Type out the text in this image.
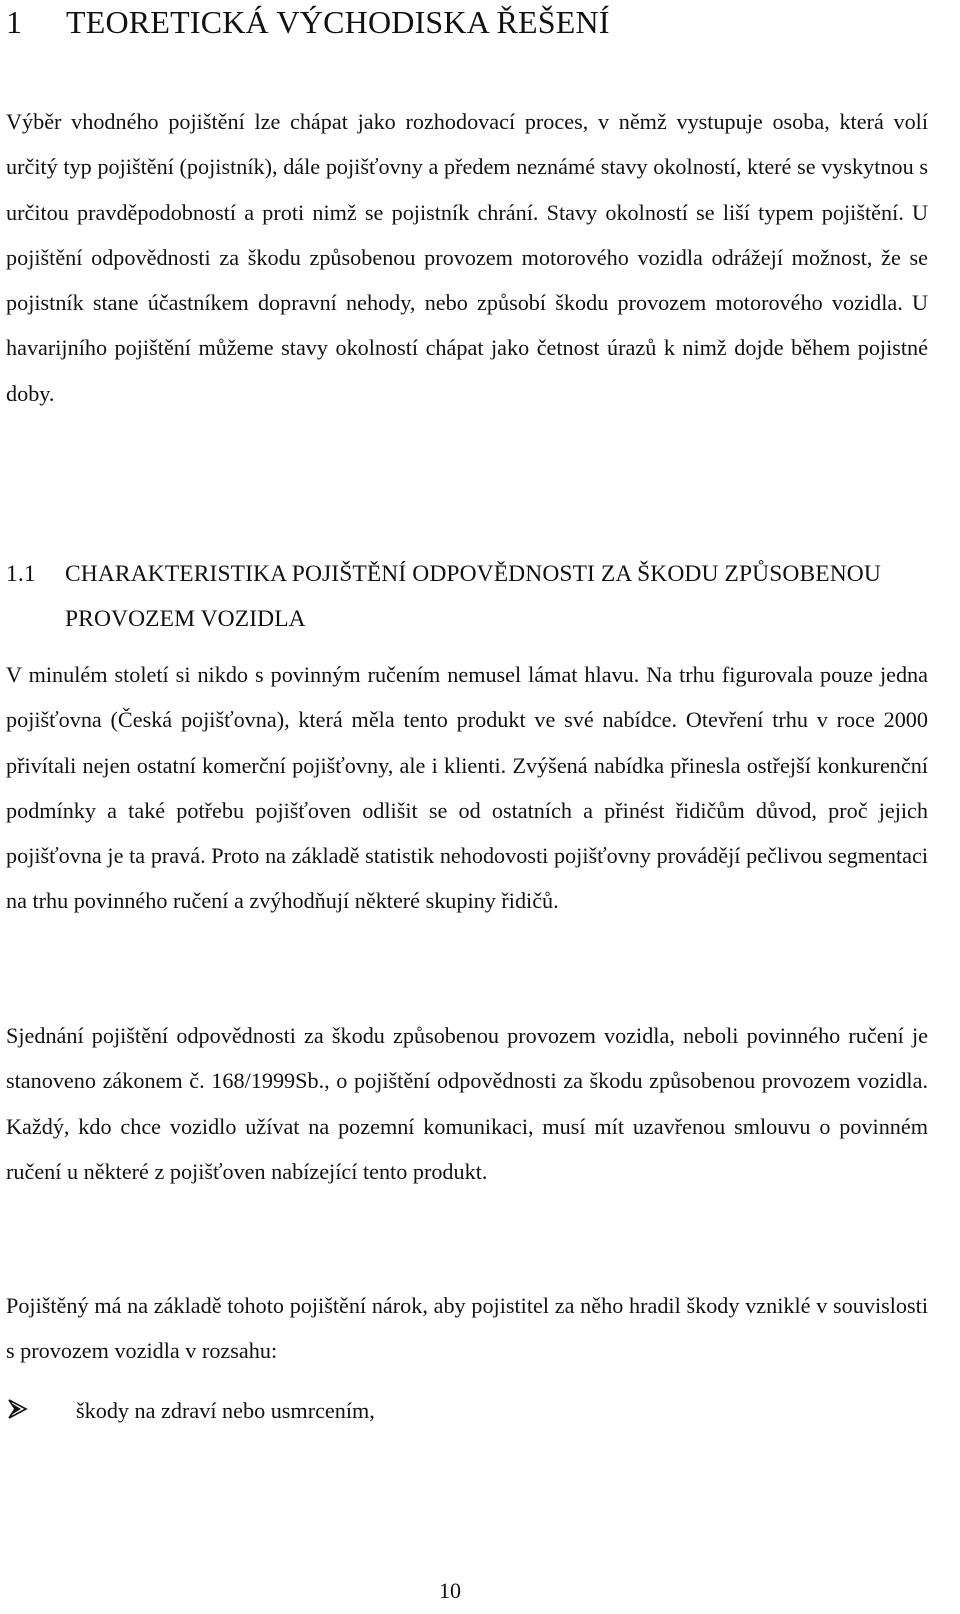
1 TEORETICKÁ VÝCHODISKA ŘEŠENÍ

Výběr vhodného pojištění lze chápat jako rozhodovací proces, v němž vystupuje osoba, která volí určitý typ pojištění (pojistník), dále pojišťovny a předem neznámé stavy okolností, které se vyskytnou s určitou pravděpodobností a proti nimž se pojistník chrání. Stavy okolností se liší typem pojištění. U pojištění odpovědnosti za škodu způsobenou provozem motorového vozidla odrážejí možnost, že se pojistník stane účastníkem dopravní nehody, nebo způsobí škodu provozem motorového vozidla. U havarijního pojištění můžeme stavy okolností chápat jako četnost úrazů k nimž dojde během pojistné doby.

1.1 CHARAKTERISTIKA POJIŠTĚNÍ ODPOVĚDNOSTI ZA ŠKODU ZPŮSOBENOU PROVOZEM VOZIDLA

V minulém století si nikdo s povinným ručením nemusel lámat hlavu. Na trhu figurovala pouze jedna pojišťovna (Česká pojišťovna), která měla tento produkt ve své nabídce. Otevření trhu v roce 2000 přivítali nejen ostatní komerční pojišťovny, ale i klienti. Zvýšená nabídka přinesla ostřejší konkurenční podmínky a také potřebu pojišťoven odlišit se od ostatních a přinést řidičům důvod, proč jejich pojišťovna je ta pravá. Proto na základě statistik nehodovosti pojišťovny provádějí pečlivou segmentaci na trhu povinného ručení a zvýhodňují některé skupiny řidičů.

Sjednání pojištění odpovědnosti za škodu způsobenou provozem vozidla, neboli povinného ručení je stanoveno zákonem č. 168/1999Sb., o pojištění odpovědnosti za škodu způsobenou provozem vozidla. Každý, kdo chce vozidlo užívat na pozemní komunikaci, musí mít uzavřenou smlouvu o povinném ručení u některé z pojišťoven nabízející tento produkt.

Pojištěný má na základě tohoto pojištění nárok, aby pojistitel za něho hradil škody vzniklé v souvislosti s provozem vozidla v rozsahu:

škody na zdraví nebo usmrcením,
10
